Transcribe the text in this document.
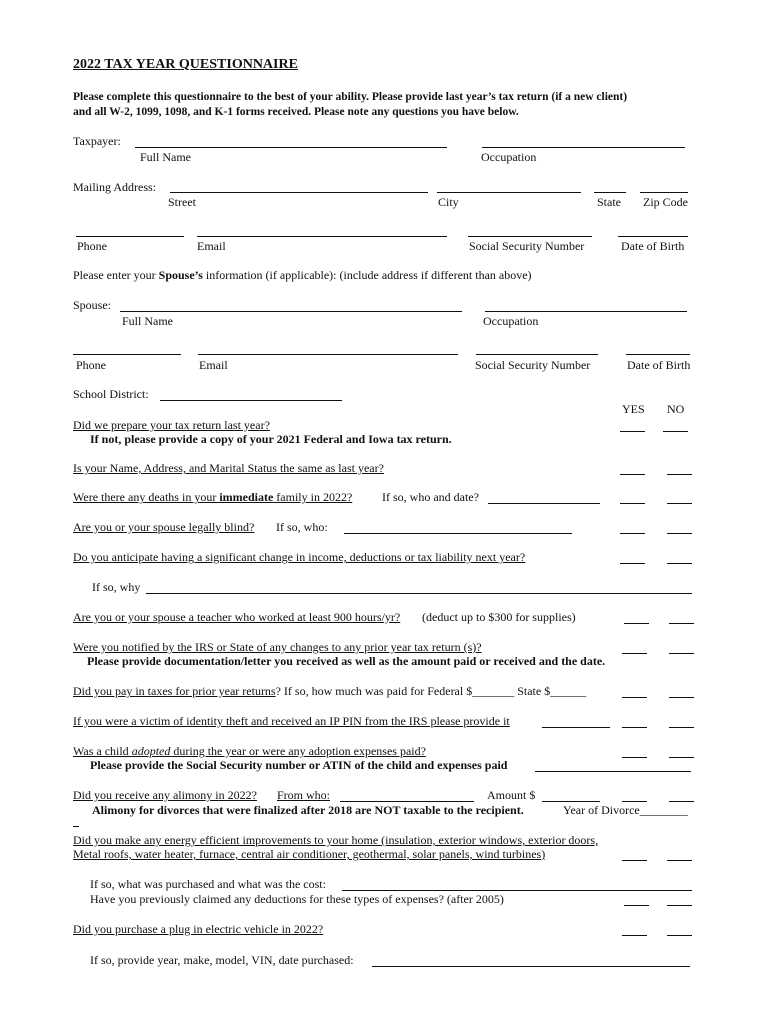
2022 TAX YEAR QUESTIONNAIRE
Please complete this questionnaire to the best of your ability. Please provide last year’s tax return (if a new client)
and all W-2, 1099, 1098, and K-1 forms received. Please note any questions you have below.
Taxpayer:
Full Name	Occupation
Mailing Address:
Street	City	State Zip Code
Phone	Email	Social Security Number	Date of Birth
Please enter your Spouse’s information (if applicable): (include address if different than above)
Spouse:
Full Name	Occupation
Phone	Email	Social Security Number	Date of Birth
School District:
YES NO
Did we prepare your tax return last year?
If not, please provide a copy of your 2021 Federal and Iowa tax return.
Is your Name, Address, and Marital Status the same as last year?
Were there any deaths in your immediate family in 2022? If so, who and date?
Are you or your spouse legally blind? If so, who:
Do you anticipate having a significant change in income, deductions or tax liability next year?
If so, why
Are you or your spouse a teacher who worked at least 900 hours/yr? (deduct up to $300 for supplies)
Were you notified by the IRS or State of any changes to any prior year tax return (s)?
Please provide documentation/letter you received as well as the amount paid or received and the date.
Did you pay in taxes for prior year returns? If so, how much was paid for Federal $_______ State $______
If you were a victim of identity theft and received an IP PIN from the IRS please provide it
Was a child adopted during the year or were any adoption expenses paid?
Please provide the Social Security number or ATIN of the child and expenses paid
Did you receive any alimony in 2022? From who:	Amount $
Alimony for divorces that were finalized after 2018 are NOT taxable to the recipient.	Year of Divorce________
Did you make any energy efficient improvements to your home (insulation, exterior windows, exterior doors,
Metal roofs, water heater, furnace, central air conditioner, geothermal, solar panels, wind turbines)
If so, what was purchased and what was the cost:
Have you previously claimed any deductions for these types of expenses? (after 2005)
Did you purchase a plug in electric vehicle in 2022?
If so, provide year, make, model, VIN, date purchased:
